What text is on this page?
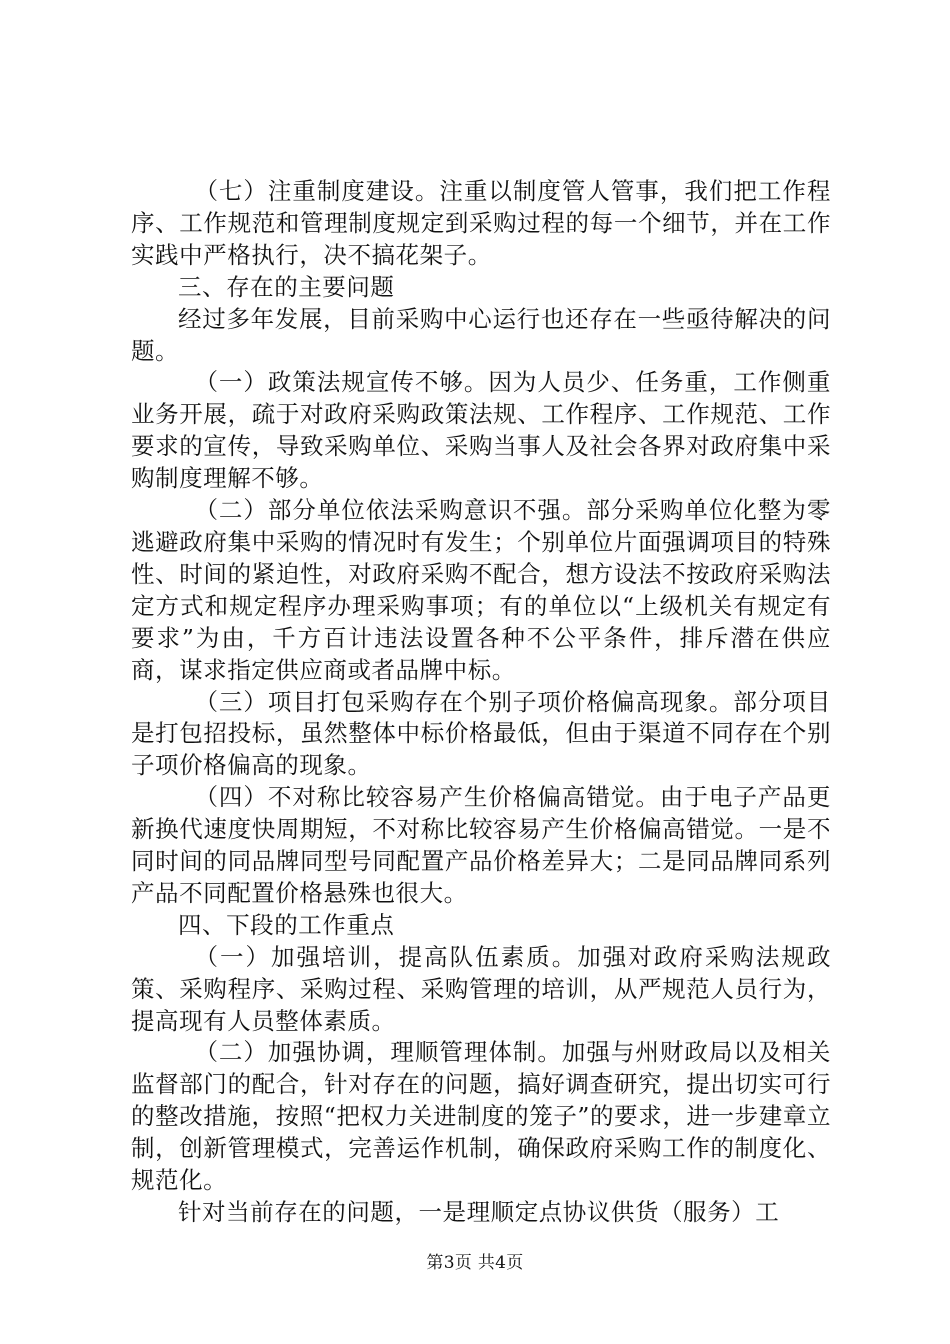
（七）注重制度建设。注重以制度管人管事，我们把工作程序、工作规范和管理制度规定到采购过程的每一个细节，并在工作实践中严格执行，决不搞花架子。

三、存在的主要问题

经过多年发展，目前采购中心运行也还存在一些亟待解决的问题。

（一）政策法规宣传不够。因为人员少、任务重，工作侧重业务开展，疏于对政府采购政策法规、工作程序、工作规范、工作要求的宣传，导致采购单位、采购当事人及社会各界对政府集中采购制度理解不够。

（二）部分单位依法采购意识不强。部分采购单位化整为零逃避政府集中采购的情况时有发生；个别单位片面强调项目的特殊性、时间的紧迫性，对政府采购不配合，想方设法不按政府采购法定方式和规定程序办理采购事项；有的单位以“上级机关有规定有要求”为由，千方百计违法设置各种不公平条件，排斥潜在供应商，谋求指定供应商或者品牌中标。

（三）项目打包采购存在个别子项价格偏高现象。部分项目是打包招投标，虽然整体中标价格最低，但由于渠道不同存在个别子项价格偏高的现象。

（四）不对称比较容易产生价格偏高错觉。由于电子产品更新换代速度快周期短，不对称比较容易产生价格偏高错觉。一是不同时间的同品牌同型号同配置产品价格差异大；二是同品牌同系列产品不同配置价格悬殊也很大。

四、下段的工作重点

（一）加强培训，提高队伍素质。加强对政府采购法规政策、采购程序、采购过程、采购管理的培训，从严规范人员行为，提高现有人员整体素质。

（二）加强协调，理顺管理体制。加强与州财政局以及相关监督部门的配合，针对存在的问题，搞好调查研究，提出切实可行的整改措施，按照“把权力关进制度的笼子”的要求，进一步建章立制，创新管理模式，完善运作机制，确保政府采购工作的制度化、规范化。

针对当前存在的问题，一是理顺定点协议供货（服务）工

第3页 共4页
